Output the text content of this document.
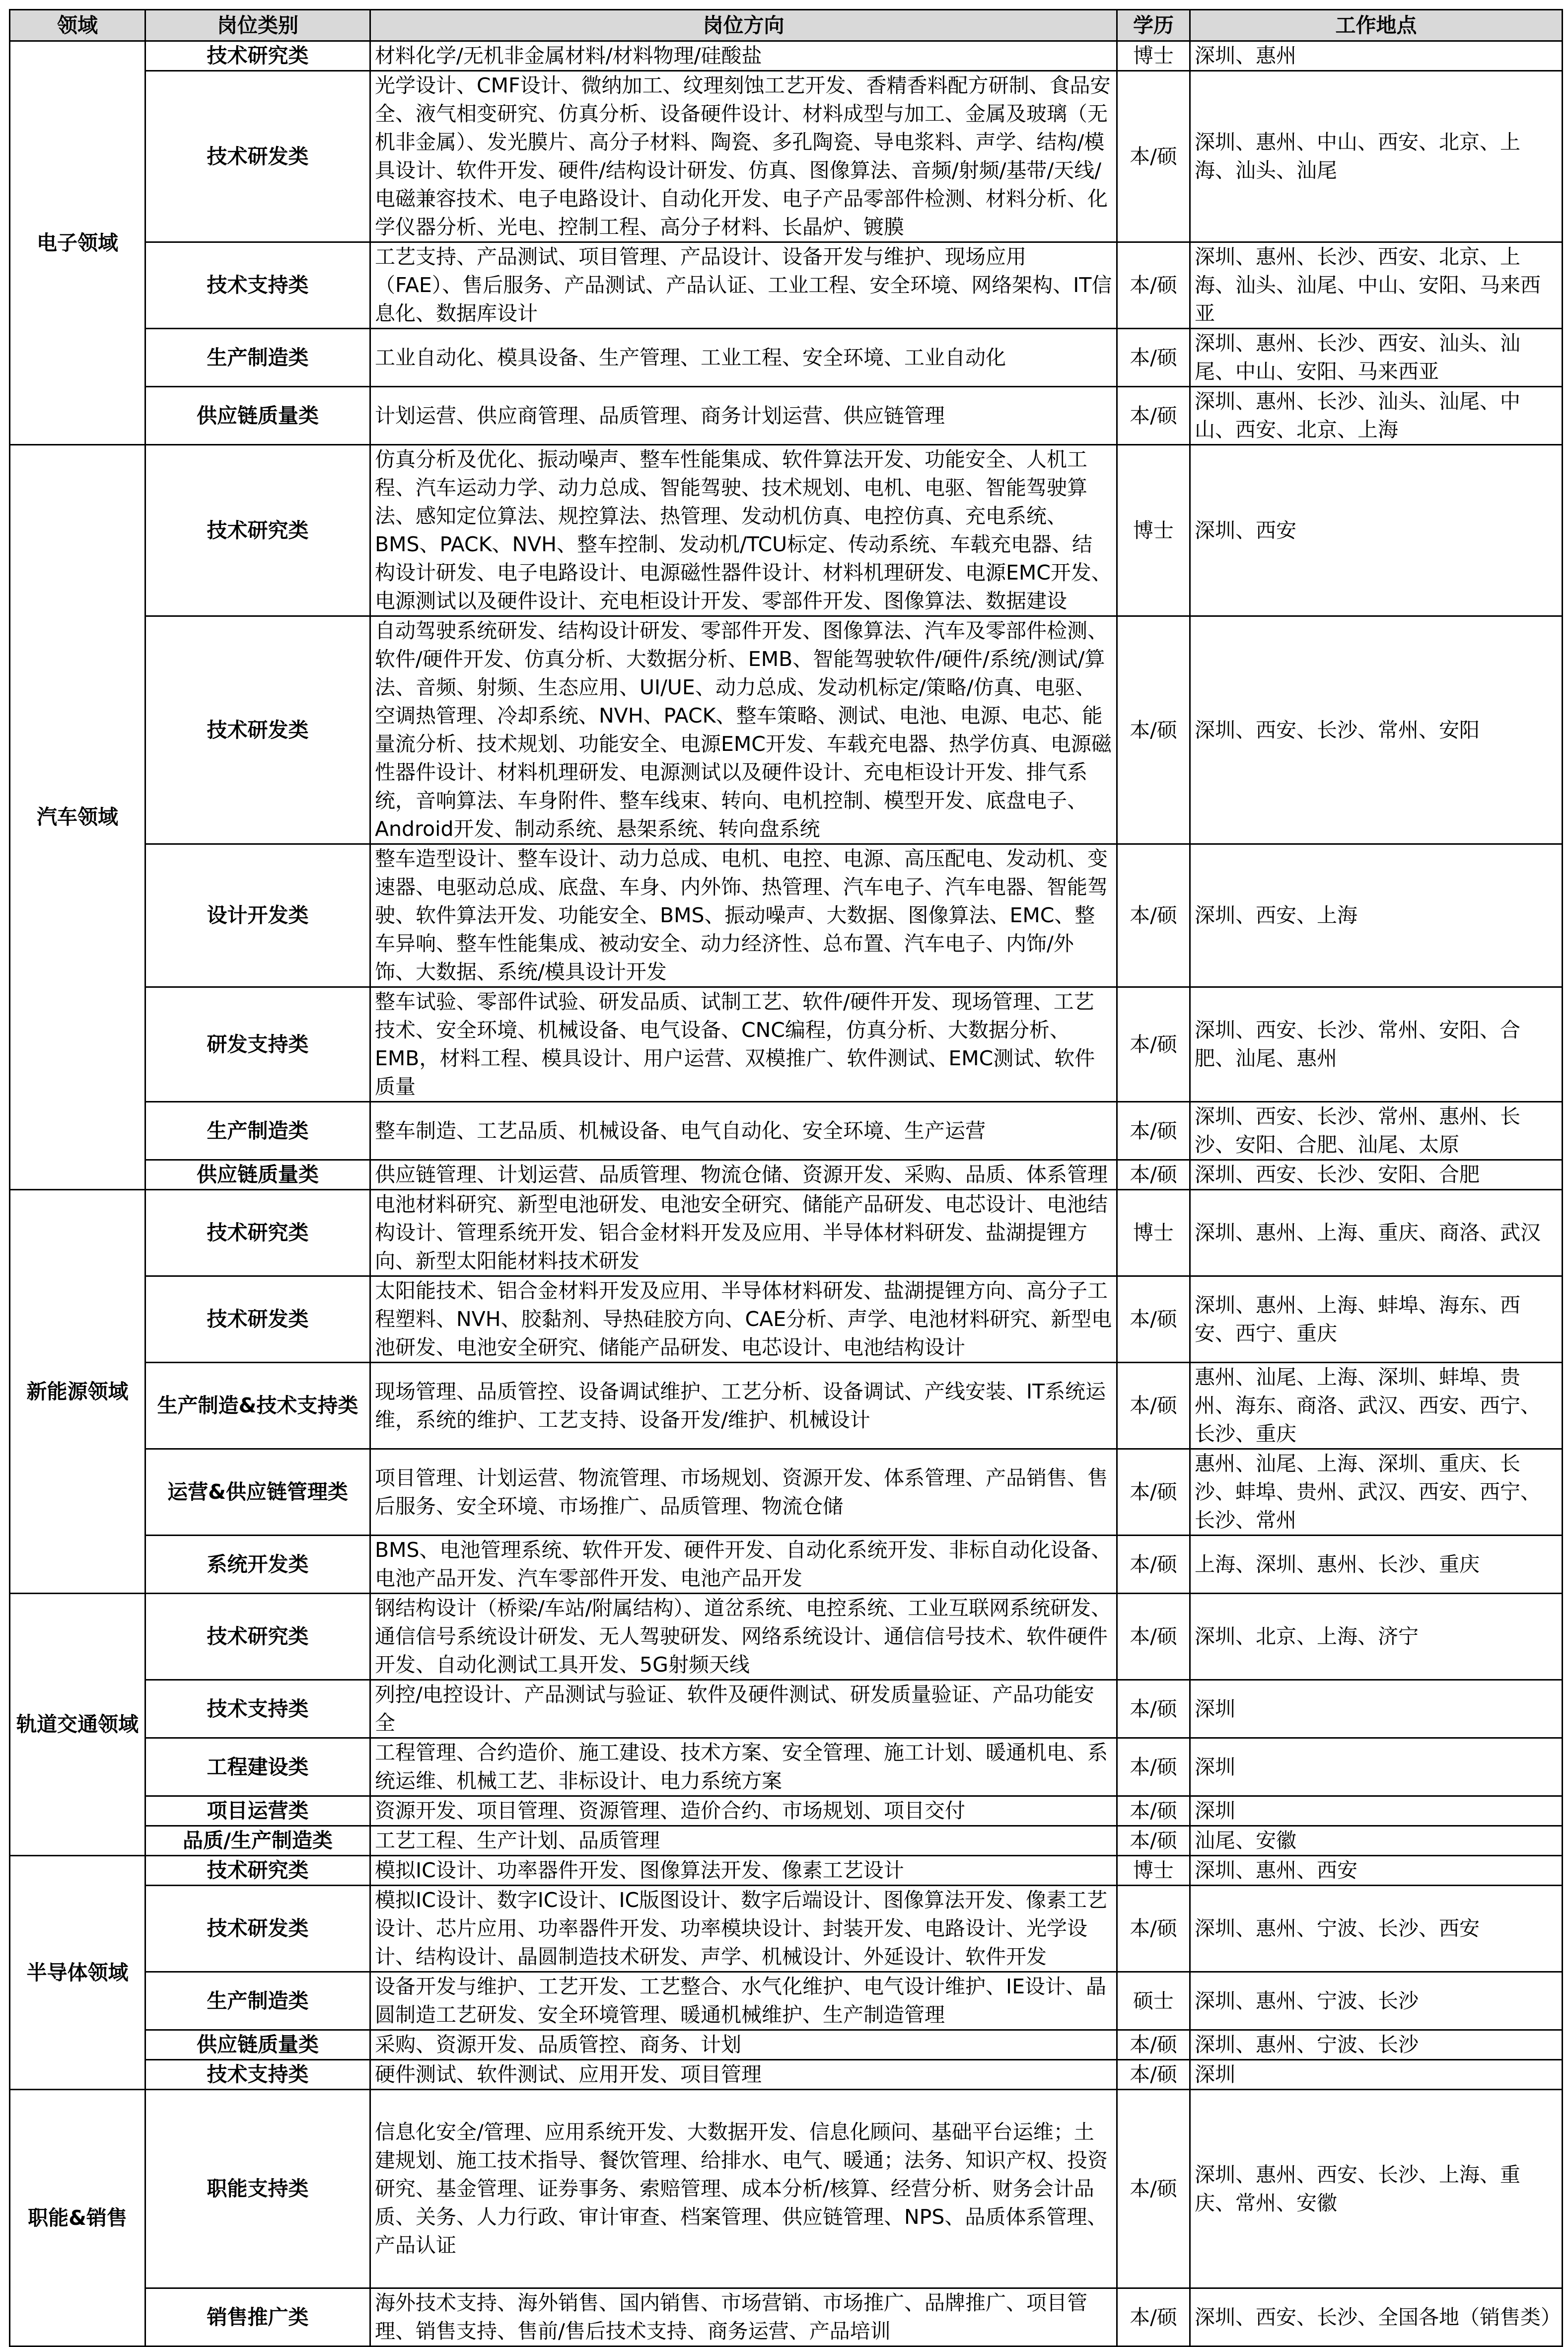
领域	岗位类别	岗位方向	学历	工作地点
电子领域	技术研究类	材料化学/无机非金属材料/材料物理/硅酸盐	博士	深圳、惠州
	技术研发类	光学设计、CMF设计、微纳加工、纹理刻蚀工艺开发、香精香料配方研制、食品安全、液气相变研究、仿真分析、设备硬件设计、材料成型与加工、金属及玻璃（无机非金属）、发光膜片、高分子材料、陶瓷、多孔陶瓷、导电浆料、声学、结构/模具设计、软件开发、硬件/结构设计研发、仿真、图像算法、音频/射频/基带/天线/电磁兼容技术、电子电路设计、自动化开发、电子产品零部件检测、材料分析、化学仪器分析、光电、控制工程、高分子材料、长晶炉、镀膜	本/硕	深圳、惠州、中山、西安、北京、上海、汕头、汕尾
	技术支持类	工艺支持、产品测试、项目管理、产品设计、设备开发与维护、现场应用（FAE）、售后服务、产品测试、产品认证、工业工程、安全环境、网络架构、IT信息化、数据库设计	本/硕	深圳、惠州、长沙、西安、北京、上海、汕头、汕尾、中山、安阳、马来西亚
	生产制造类	工业自动化、模具设备、生产管理、工业工程、安全环境、工业自动化	本/硕	深圳、惠州、长沙、西安、汕头、汕尾、中山、安阳、马来西亚
	供应链质量类	计划运营、供应商管理、品质管理、商务计划运营、供应链管理	本/硕	深圳、惠州、长沙、汕头、汕尾、中山、西安、北京、上海
汽车领域	技术研究类	仿真分析及优化、振动噪声、整车性能集成、软件算法开发、功能安全、人机工程、汽车运动力学、动力总成、智能驾驶、技术规划、电机、电驱、智能驾驶算法、感知定位算法、规控算法、热管理、发动机仿真、电控仿真、充电系统、BMS、PACK、NVH、整车控制、发动机/TCU标定、传动系统、车载充电器、结构设计研发、电子电路设计、电源磁性器件设计、材料机理研发、电源EMC开发、电源测试以及硬件设计、充电柜设计开发、零部件开发、图像算法、数据建设	博士	深圳、西安
	技术研发类	自动驾驶系统研发、结构设计研发、零部件开发、图像算法、汽车及零部件检测、软件/硬件开发、仿真分析、大数据分析、EMB、智能驾驶软件/硬件/系统/测试/算法、音频、射频、生态应用、UI/UE、动力总成、发动机标定/策略/仿真、电驱、空调热管理、冷却系统、NVH、PACK、整车策略、测试、电池、电源、电芯、能量流分析、技术规划、功能安全、电源EMC开发、车载充电器、热学仿真、电源磁性器件设计、材料机理研发、电源测试以及硬件设计、充电柜设计开发、排气系统，音响算法、车身附件、整车线束、转向、电机控制、模型开发、底盘电子、Android开发、制动系统、悬架系统、转向盘系统	本/硕	深圳、西安、长沙、常州、安阳
	设计开发类	整车造型设计、整车设计、动力总成、电机、电控、电源、高压配电、发动机、变速器、电驱动总成、底盘、车身、内外饰、热管理、汽车电子、汽车电器、智能驾驶、软件算法开发、功能安全、BMS、振动噪声、大数据、图像算法、EMC、整车异响、整车性能集成、被动安全、动力经济性、总布置、汽车电子、内饰/外饰、大数据、系统/模具设计开发	本/硕	深圳、西安、上海
	研发支持类	整车试验、零部件试验、研发品质、试制工艺、软件/硬件开发、现场管理、工艺技术、安全环境、机械设备、电气设备、CNC编程，仿真分析、大数据分析、EMB，材料工程、模具设计、用户运营、双模推广、软件测试、EMC测试、软件质量	本/硕	深圳、西安、长沙、常州、安阳、合肥、汕尾、惠州
	生产制造类	整车制造、工艺品质、机械设备、电气自动化、安全环境、生产运营	本/硕	深圳、西安、长沙、常州、惠州、长沙、安阳、合肥、汕尾、太原
	供应链质量类	供应链管理、计划运营、品质管理、物流仓储、资源开发、采购、品质、体系管理	本/硕	深圳、西安、长沙、安阳、合肥
新能源领域	技术研究类	电池材料研究、新型电池研发、电池安全研究、储能产品研发、电芯设计、电池结构设计、管理系统开发、铝合金材料开发及应用、半导体材料研发、盐湖提锂方向、新型太阳能材料技术研发	博士	深圳、惠州、上海、重庆、商洛、武汉
	技术研发类	太阳能技术、铝合金材料开发及应用、半导体材料研发、盐湖提锂方向、高分子工程塑料、NVH、胶黏剂、导热硅胶方向、CAE分析、声学、电池材料研究、新型电池研发、电池安全研究、储能产品研发、电芯设计、电池结构设计	本/硕	深圳、惠州、上海、蚌埠、海东、西安、西宁、重庆
	生产制造&技术支持类	现场管理、品质管控、设备调试维护、工艺分析、设备调试、产线安装、IT系统运维，系统的维护、工艺支持、设备开发/维护、机械设计	本/硕	惠州、汕尾、上海、深圳、蚌埠、贵州、海东、商洛、武汉、西安、西宁、长沙、重庆
	运营&供应链管理类	项目管理、计划运营、物流管理、市场规划、资源开发、体系管理、产品销售、售后服务、安全环境、市场推广、品质管理、物流仓储	本/硕	惠州、汕尾、上海、深圳、重庆、长沙、蚌埠、贵州、武汉、西安、西宁、长沙、常州
	系统开发类	BMS、电池管理系统、软件开发、硬件开发、自动化系统开发、非标自动化设备、电池产品开发、汽车零部件开发、电池产品开发	本/硕	上海、深圳、惠州、长沙、重庆
轨道交通领域	技术研究类	钢结构设计（桥梁/车站/附属结构）、道岔系统、电控系统、工业互联网系统研发、通信信号系统设计研发、无人驾驶研发、网络系统设计、通信信号技术、软件硬件开发、自动化测试工具开发、5G射频天线	本/硕	深圳、北京、上海、济宁
	技术支持类	列控/电控设计、产品测试与验证、软件及硬件测试、研发质量验证、产品功能安全	本/硕	深圳
	工程建设类	工程管理、合约造价、施工建设、技术方案、安全管理、施工计划、暖通机电、系统运维、机械工艺、非标设计、电力系统方案	本/硕	深圳
	项目运营类	资源开发、项目管理、资源管理、造价合约、市场规划、项目交付	本/硕	深圳
	品质/生产制造类	工艺工程、生产计划、品质管理	本/硕	汕尾、安徽
半导体领域	技术研究类	模拟IC设计、功率器件开发、图像算法开发、像素工艺设计	博士	深圳、惠州、西安
	技术研发类	模拟IC设计、数字IC设计、IC版图设计、数字后端设计、图像算法开发、像素工艺设计、芯片应用、功率器件开发、功率模块设计、封装开发、电路设计、光学设计、结构设计、晶圆制造技术研发、声学、机械设计、外延设计、软件开发	本/硕	深圳、惠州、宁波、长沙、西安
	生产制造类	设备开发与维护、工艺开发、工艺整合、水气化维护、电气设计维护、IE设计、晶圆制造工艺研发、安全环境管理、暖通机械维护、生产制造管理	硕士	深圳、惠州、宁波、长沙
	供应链质量类	采购、资源开发、品质管控、商务、计划	本/硕	深圳、惠州、宁波、长沙
	技术支持类	硬件测试、软件测试、应用开发、项目管理	本/硕	深圳
职能&销售	职能支持类	信息化安全/管理、应用系统开发、大数据开发、信息化顾问、基础平台运维；土建规划、施工技术指导、餐饮管理、给排水、电气、暖通；法务、知识产权、投资研究、基金管理、证券事务、索赔管理、成本分析/核算、经营分析、财务会计品质、关务、人力行政、审计审查、档案管理、供应链管理、NPS、品质体系管理、产品认证	本/硕	深圳、惠州、西安、长沙、上海、重庆、常州、安徽
	销售推广类	海外技术支持、海外销售、国内销售、市场营销、市场推广、品牌推广、项目管理、销售支持、售前/售后技术支持、商务运营、产品培训	本/硕	深圳、西安、长沙、全国各地（销售类）
